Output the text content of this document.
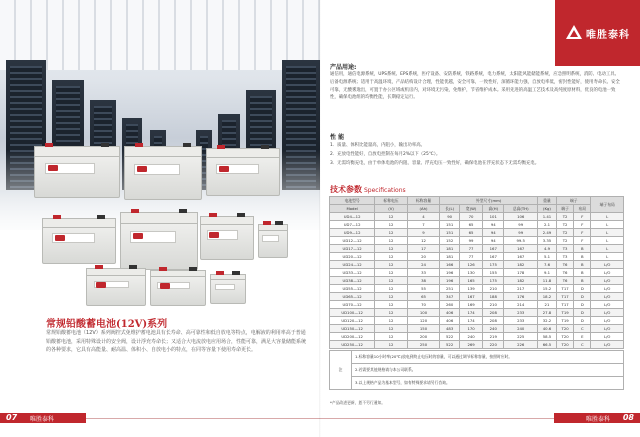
常规铅酸蓄电池(12V)系列
常规铅酸蓄电池（12V）系列阀控式免维护蓄电池具有长寿命、高可靠性和低自放电等特点，电解液的利用率高于普通铅酸蓄电池，采用特殊设计的安全阀，设计浮充寿命长；又适合大电流放电应用场合，性能可靠，满足大容量储能系统的各种要求，它具有高能量、耐高温、体积小、自放电小的特点，在同等容量下使用寿命更长。
07 唯胜泰科
唯胜泰科
产品用途:
通信用，通信电源系统，UPS系统、EPS系统，医疗设备、安防系统，铁路系统，电力系统，太阳能风能储能系统，应急照明系统，消防、电动工具、后备电源系统；适用于高温环境，产品结构设计合理，性能优越，安全可靠，一致性好，深循环能力强，自放电率低，密封性能好，使用寿命长。安全可靠，无酸雾逸出，可置于办公区域或机房内，对环境无污染，免维护，节省维护成本。采用先进的高温工艺技术及高纯度原材料，优良的电池一致性，确保电池组的均衡性能，长期稳定运行。
性 能
1．质量、体积比能量高，内阻小，输出功率高。
2．充放电性能好，自放电控制在每月2%以下（25℃）。
3．无需均衡充电，由于单体电池的内阻、容量、浮充电压一致性好，确保电池在浮充状态下无需均衡充电。
技术参数 Specifications
电池型号	标称电压	标称容量	外型尺寸(mm)				重量	端子		端子布局
Model	(V)	(Ah)	长(L)	宽(W)	高(H)	总高(TH)	(Kg)	端子	布局	
UD4—12	12	4	90	70	101	106	1.41	T2	F	L
UD7—12	12	7	151	65	94	99	2.1	T2	F	L
UD9—12	12	9	151	65	94	99	2.49	T2	F	L
UD12—12	12	12	152	99	94	99.5	3.35	T2	F	L
UD17—12	12	17	181	77	167	167	4.9	T3	B	L
UD20—12	12	20	181	77	167	167	5.1	T3	B	L
UD24—12	12	24	166	126	175	182	7.6	T6	B	L/O
UD33—12	12	33	196	130	155	178	9.1	T6	B	L/O
UD38—12	12	38	196	165	175	182	11.8	T6	B	L/O
UD55—12	12	55	251	139	210	217	15.2	T17	D	L/O
UD65—12	12	65	347	167	188	176	18.2	T17	D	L/O
UD70—12	12	70	260	169	210	214	21	T17	D	L/O
UD100—12	12	100	406	174	208	233	27.8	T19	D	L/O
UD120—12	12	120	406	174	208	233	32.2	T19	D	L/O
UD150—12	12	150	483	170	240	240	40.6	T20	C	L/O
UD200—12	12	200	522	240	219	225	58.5	T20	E	L/O
UD250—12	12	250	522	269	220	226	66.5	T20	C	L/O
注	1.标称容量10小时率(20℃)放电到终止电压时的容量，可以通过调节标称容量，按照时应时。
2.若需要其他规格请与本公司联系。
3.以上规格产品为基本型号，如有特殊要求请另行咨询。
*产品改进更新，恕不另行通知。
唯胜泰科 08
